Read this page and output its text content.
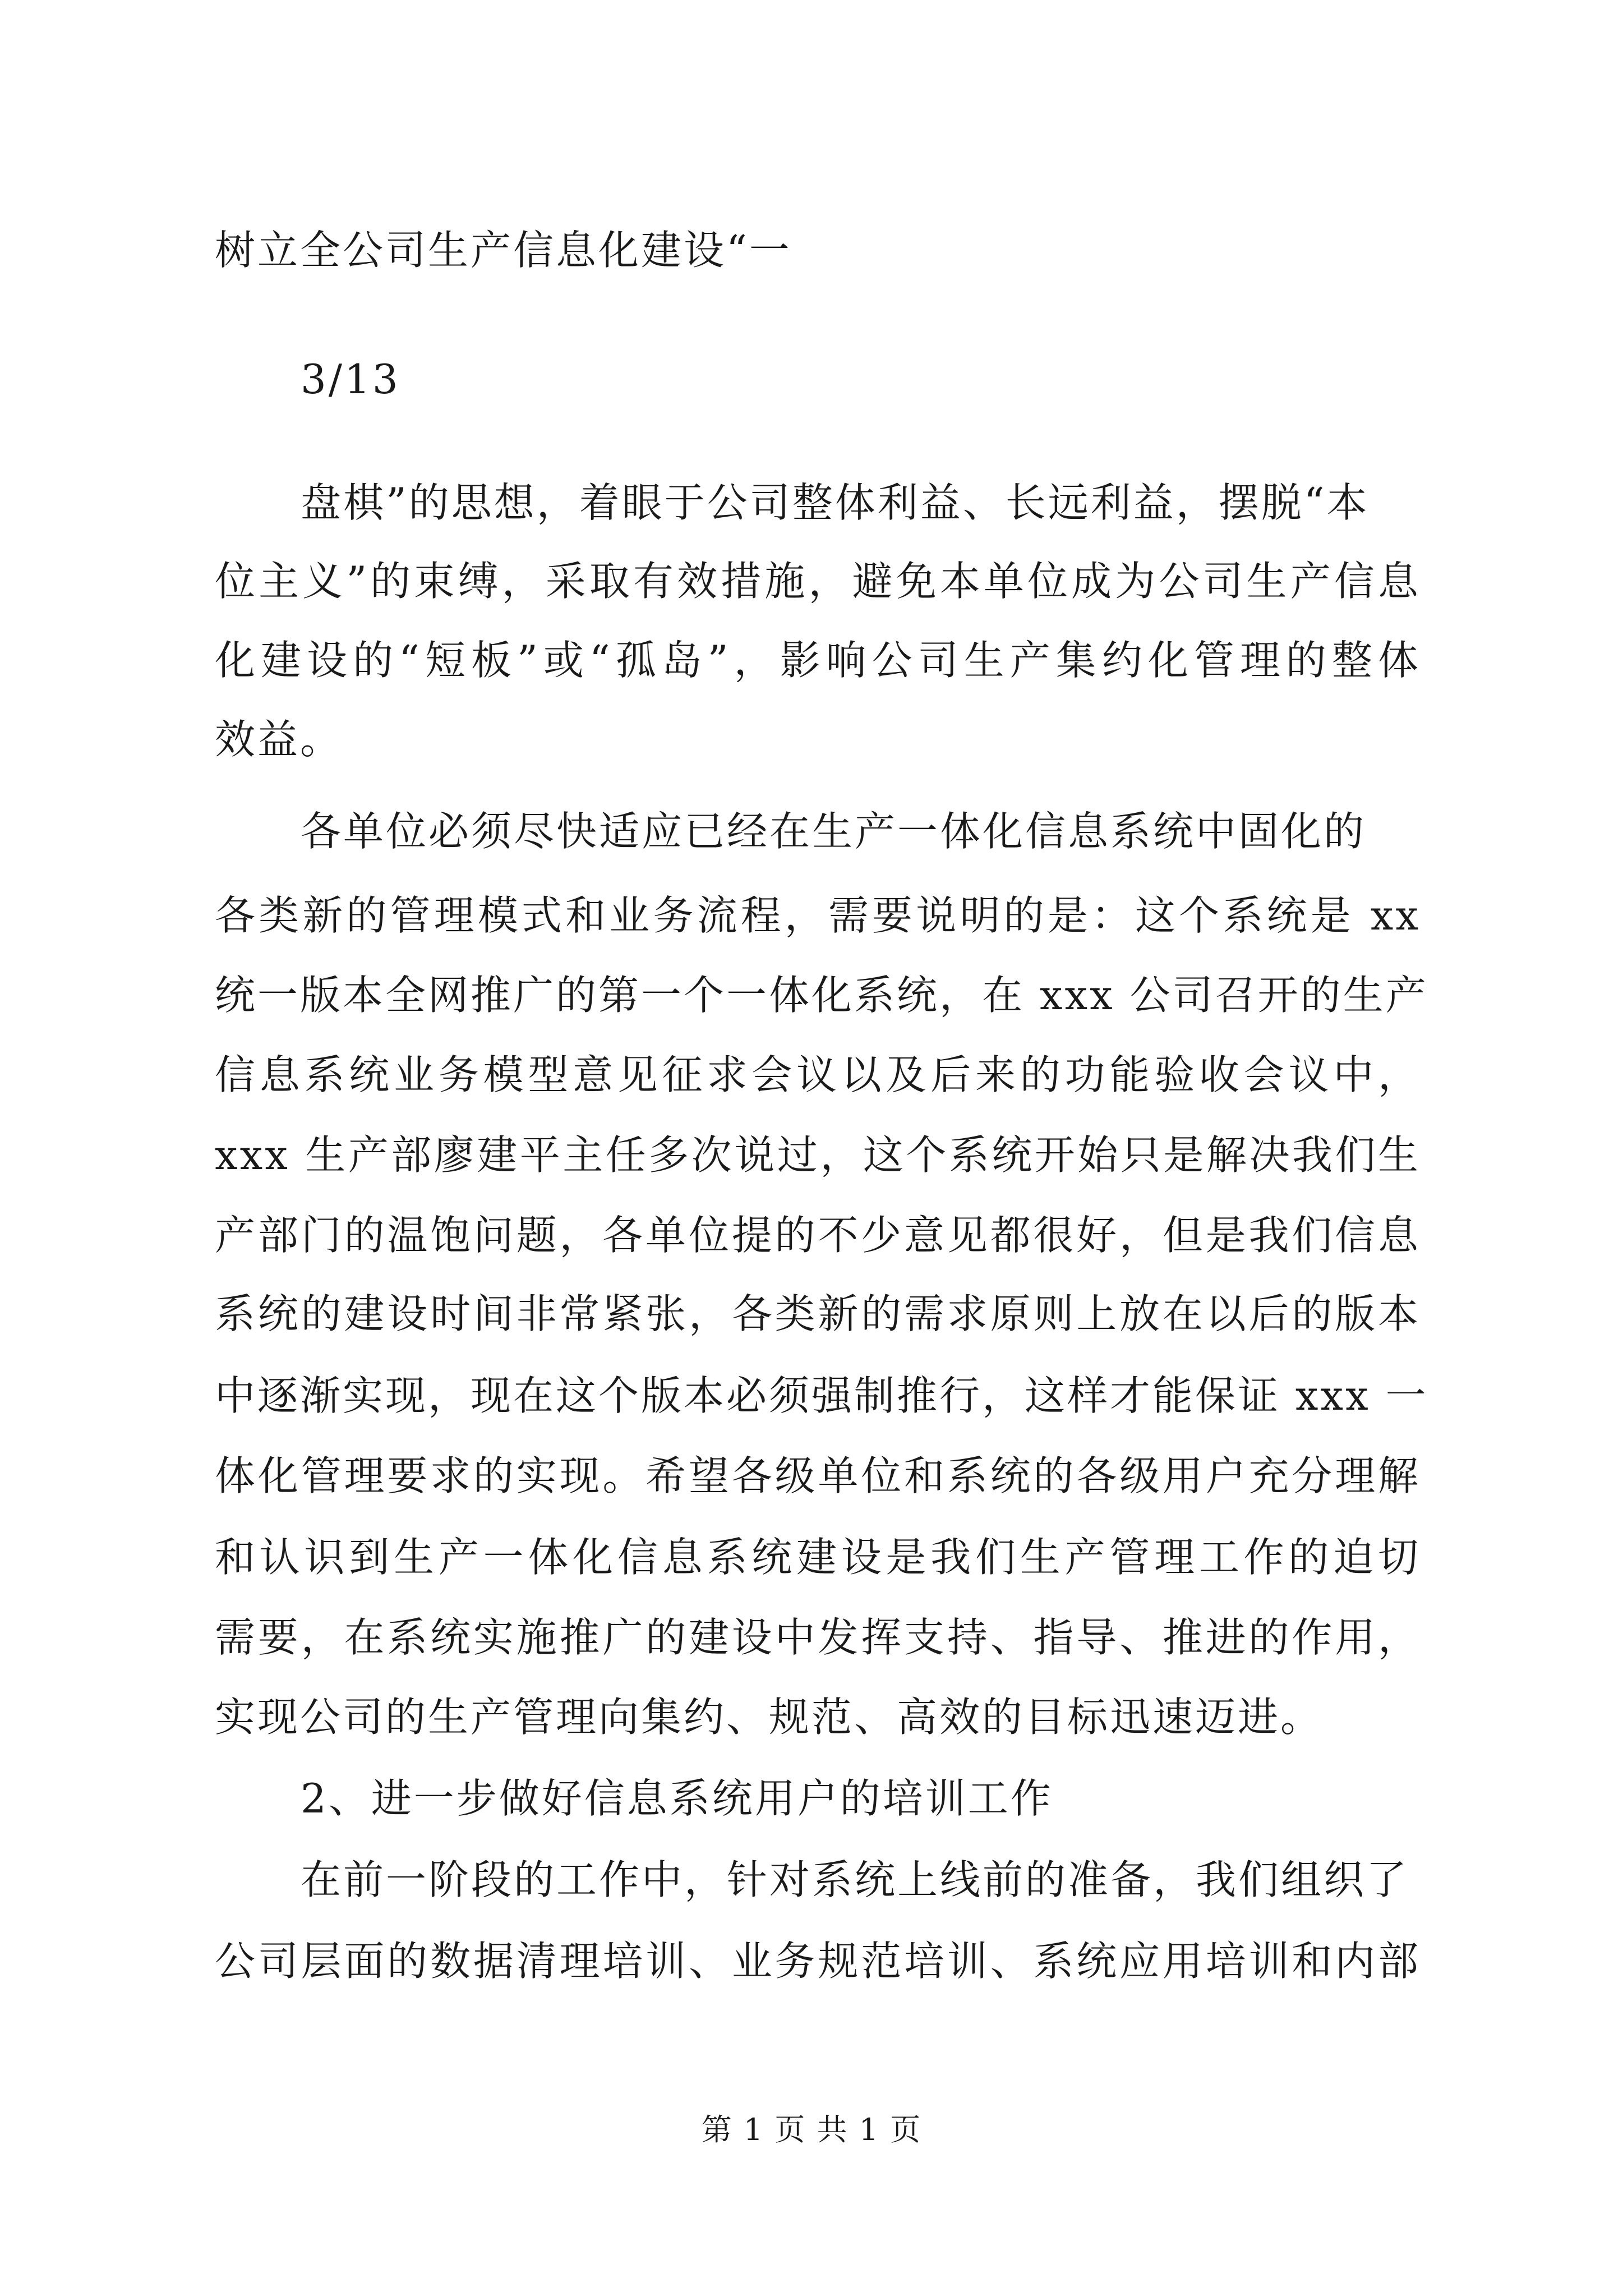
树立全公司生产信息化建设“一
3/13
盘棋”的思想，着眼于公司整体利益、长远利益，摆脱“本
位主义”的束缚，采取有效措施，避免本单位成为公司生产信息
化建设的“短板”或“孤岛”，影响公司生产集约化管理的整体
效益。
各单位必须尽快适应已经在生产一体化信息系统中固化的
各类新的管理模式和业务流程，需要说明的是：这个系统是 xx
统一版本全网推广的第一个一体化系统，在 xxx 公司召开的生产
信息系统业务模型意见征求会议以及后来的功能验收会议中，
xxx 生产部廖建平主任多次说过，这个系统开始只是解决我们生
产部门的温饱问题，各单位提的不少意见都很好，但是我们信息
系统的建设时间非常紧张，各类新的需求原则上放在以后的版本
中逐渐实现，现在这个版本必须强制推行，这样才能保证 xxx 一
体化管理要求的实现。希望各级单位和系统的各级用户充分理解
和认识到生产一体化信息系统建设是我们生产管理工作的迫切
需要，在系统实施推广的建设中发挥支持、指导、推进的作用，
实现公司的生产管理向集约、规范、高效的目标迅速迈进。
2、进一步做好信息系统用户的培训工作
在前一阶段的工作中，针对系统上线前的准备，我们组织了
公司层面的数据清理培训、业务规范培训、系统应用培训和内部
第 1 页 共 1 页
